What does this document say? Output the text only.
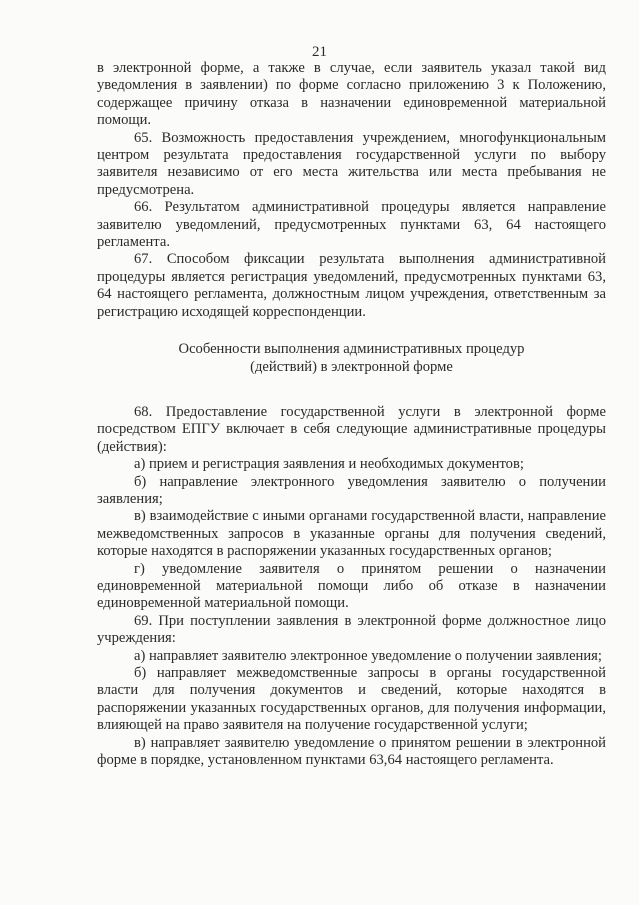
21

в электронной форме, а также в случае, если заявитель указал такой вид уведомления в заявлении) по форме согласно приложению 3 к Положению, содержащее причину отказа в назначении единовременной материальной помощи.

65. Возможность предоставления учреждением, многофункциональным центром результата предоставления государственной услуги по выбору заявителя независимо от его места жительства или места пребывания не предусмотрена.

66. Результатом административной процедуры является направление заявителю уведомлений, предусмотренных пунктами 63, 64 настоящего регламента.

67. Способом фиксации результата выполнения административной процедуры является регистрация уведомлений, предусмотренных пунктами 63, 64 настоящего регламента, должностным лицом учреждения, ответственным за регистрацию исходящей корреспонденции.

Особенности выполнения административных процедур
(действий) в электронной форме

68. Предоставление государственной услуги в электронной форме посредством ЕПГУ включает в себя следующие административные процедуры (действия):

а) прием и регистрация заявления и необходимых документов;

б) направление электронного уведомления заявителю о получении заявления;

в) взаимодействие с иными органами государственной власти, направление межведомственных запросов в указанные органы для получения сведений, которые находятся в распоряжении указанных государственных органов;

г) уведомление заявителя о принятом решении о назначении единовременной материальной помощи либо об отказе в назначении единовременной материальной помощи.

69. При поступлении заявления в электронной форме должностное лицо учреждения:

а) направляет заявителю электронное уведомление о получении заявления;

б) направляет межведомственные запросы в органы государственной власти для получения документов и сведений, которые находятся в распоряжении указанных государственных органов, для получения информации, влияющей на право заявителя на получение государственной услуги;

в) направляет заявителю уведомление о принятом решении в электронной форме в порядке, установленном пунктами 63,64 настоящего регламента.
